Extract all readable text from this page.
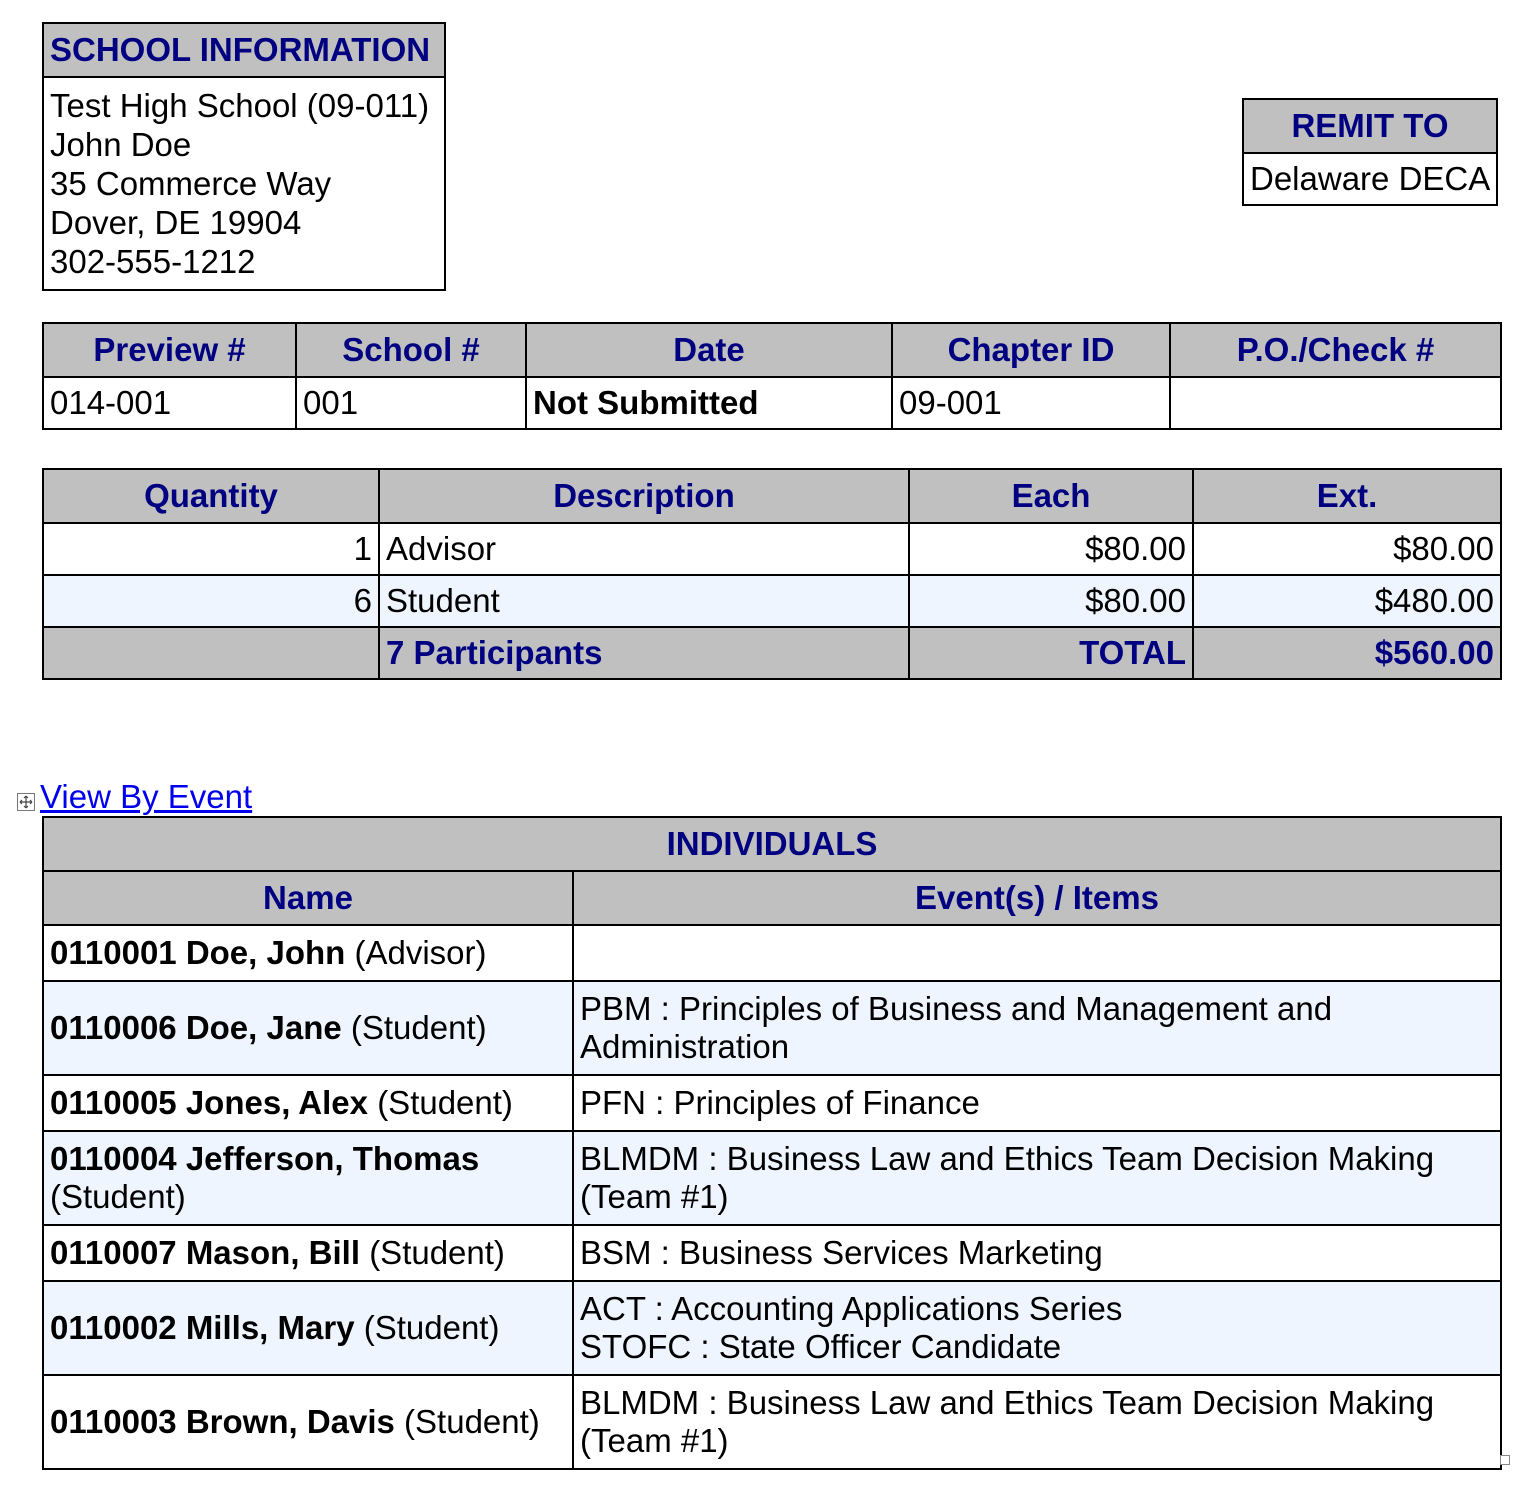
SCHOOL INFORMATION

Test High School (09-011)
John Doe
35 Commerce Way
Dover, DE 19904
302-555-1212
REMIT TO
Delaware DECA
Preview #	School #	Date	Chapter ID	P.O./Check #
014-001	001	Not Submitted	09-001	
Quantity	Description	Each	Ext.
1	Advisor	$80.00	$80.00
6	Student	$80.00	$480.00
	7 Participants	TOTAL	$560.00
View By Event
INDIVIDUALS	
Name	Event(s) / Items
0110001 Doe, John (Advisor)	
0110006 Doe, Jane (Student)	PBM : Principles of Business and Management and Administration

0110005 Jones, Alex (Student)	PFN : Principles of Finance

0110004 Jefferson, Thomas (Student)	BLMDM : Business Law and Ethics Team Decision Making (Team #1)

0110007 Mason, Bill (Student)	BSM : Business Services Marketing

0110002 Mills, Mary (Student)	ACT : Accounting Applications Series
STOFC : State Officer Candidate

0110003 Brown, Davis (Student)	BLMDM : Business Law and Ethics Team Decision Making (Team #1)
